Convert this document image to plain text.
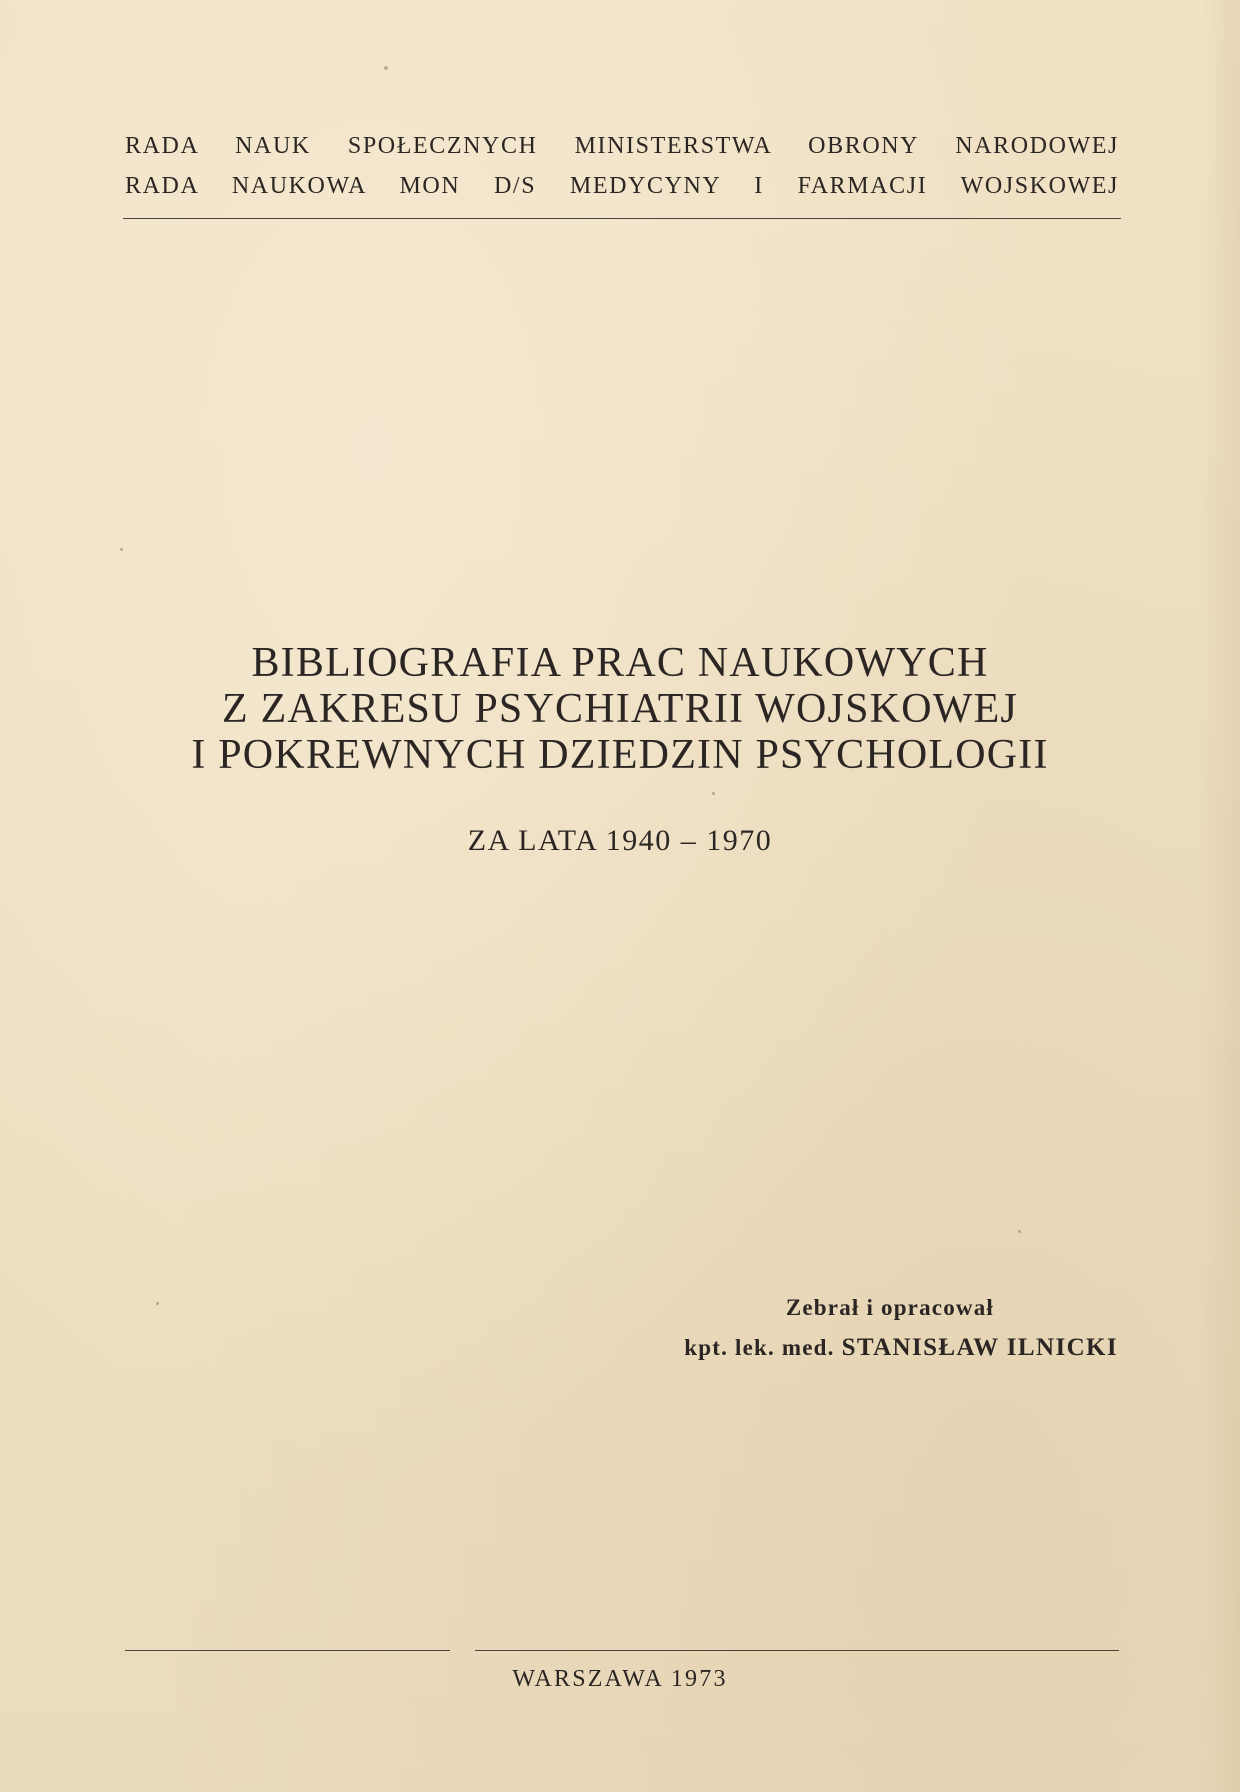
RADA NAUK SPOŁECZNYCH MINISTERSTWA OBRONY NARODOWEJ
RADA NAUKOWA MON D/S MEDYCYNY I FARMACJI WOJSKOWEJ
BIBLIOGRAFIA PRAC NAUKOWYCH
Z ZAKRESU PSYCHIATRII WOJSKOWEJ
I POKREWNYCH DZIEDZIN PSYCHOLOGII
ZA LATA 1940 – 1970
Zebrał i opracował
kpt. lek. med. STANISŁAW ILNICKI
WARSZAWA 1973
